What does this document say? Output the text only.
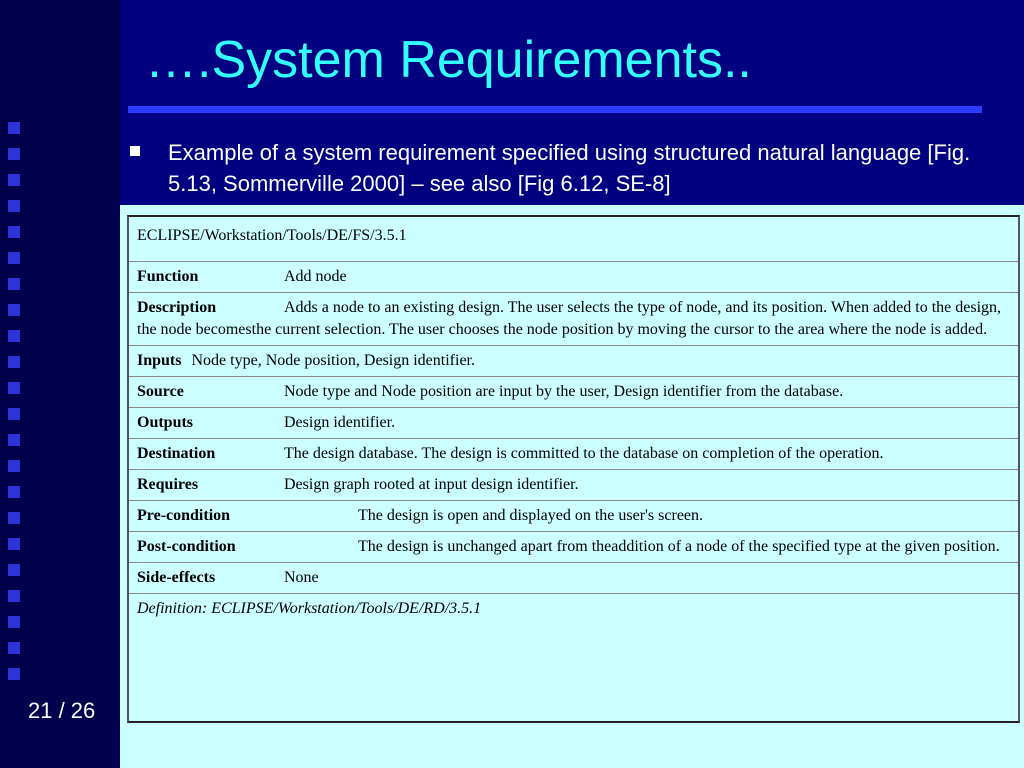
….System Requirements..
Example of a system requirement specified using structured natural language [Fig. 5.13, Sommerville 2000] – see also [Fig 6.12, SE-8]
ECLIPSE/Workstation/Tools/DE/FS/3.5.1
Function	Add node
Description	Adds a node to an existing design. The user selects the type of node, and its position. When added to the design, the node becomesthe current selection. The user chooses the node position by moving the cursor to the area where the node is added.
Inputs Node type, Node position, Design identifier.
Source	Node type and Node position are input by the user, Design identifier from the database.
Outputs	Design identifier.
Destination	The design database. The design is committed to the database on completion of the operation.
Requires	Design graph rooted at input design identifier.
Pre-condition	The design is open and displayed on the user's screen.
Post-condition	The design is unchanged apart from theaddition of a node of the specified type at the given position.
Side-effects	None
Definition: ECLIPSE/Workstation/Tools/DE/RD/3.5.1
21 / 26
